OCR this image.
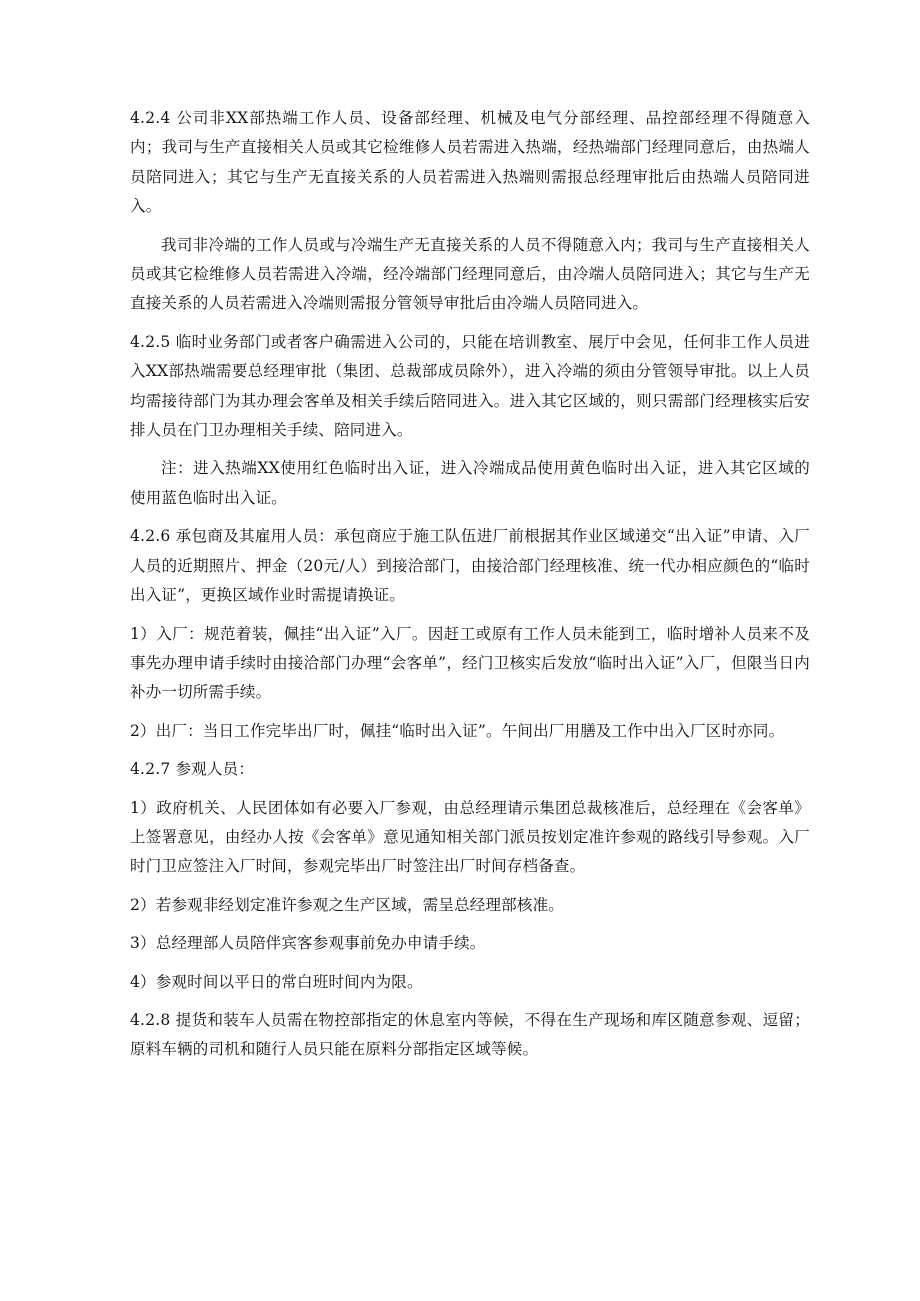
4.2.4 公司非XX部热端工作人员、设备部经理、机械及电气分部经理、品控部经理不得随意入内；我司与生产直接相关人员或其它检维修人员若需进入热端，经热端部门经理同意后，由热端人员陪同进入；其它与生产无直接关系的人员若需进入热端则需报总经理审批后由热端人员陪同进入。

我司非冷端的工作人员或与冷端生产无直接关系的人员不得随意入内；我司与生产直接相关人员或其它检维修人员若需进入冷端，经冷端部门经理同意后，由冷端人员陪同进入；其它与生产无直接关系的人员若需进入冷端则需报分管领导审批后由冷端人员陪同进入。

4.2.5 临时业务部门或者客户确需进入公司的，只能在培训教室、展厅中会见，任何非工作人员进入XX部热端需要总经理审批（集团、总裁部成员除外），进入冷端的须由分管领导审批。以上人员均需接待部门为其办理会客单及相关手续后陪同进入。进入其它区域的，则只需部门经理核实后安排人员在门卫办理相关手续、陪同进入。

注：进入热端XX使用红色临时出入证，进入冷端成品使用黄色临时出入证，进入其它区域的使用蓝色临时出入证。

4.2.6 承包商及其雇用人员：承包商应于施工队伍进厂前根据其作业区域递交“出入证”申请、入厂人员的近期照片、押金（20元/人）到接洽部门，由接洽部门经理核准、统一代办相应颜色的“临时出入证”，更换区域作业时需提请换证。

1）入厂：规范着装，佩挂“出入证”入厂。因赶工或原有工作人员未能到工，临时增补人员来不及事先办理申请手续时由接洽部门办理“会客单”，经门卫核实后发放“临时出入证”入厂，但限当日内补办一切所需手续。

2）出厂：当日工作完毕出厂时，佩挂“临时出入证”。午间出厂用膳及工作中出入厂区时亦同。

4.2.7 参观人员：

1）政府机关、人民团体如有必要入厂参观，由总经理请示集团总裁核准后，总经理在《会客单》上签署意见，由经办人按《会客单》意见通知相关部门派员按划定准许参观的路线引导参观。入厂时门卫应签注入厂时间，参观完毕出厂时签注出厂时间存档备查。

2）若参观非经划定准许参观之生产区域，需呈总经理部核准。

3）总经理部人员陪伴宾客参观事前免办申请手续。

4）参观时间以平日的常白班时间内为限。

4.2.8 提货和装车人员需在物控部指定的休息室内等候，不得在生产现场和库区随意参观、逗留；原料车辆的司机和随行人员只能在原料分部指定区域等候。
